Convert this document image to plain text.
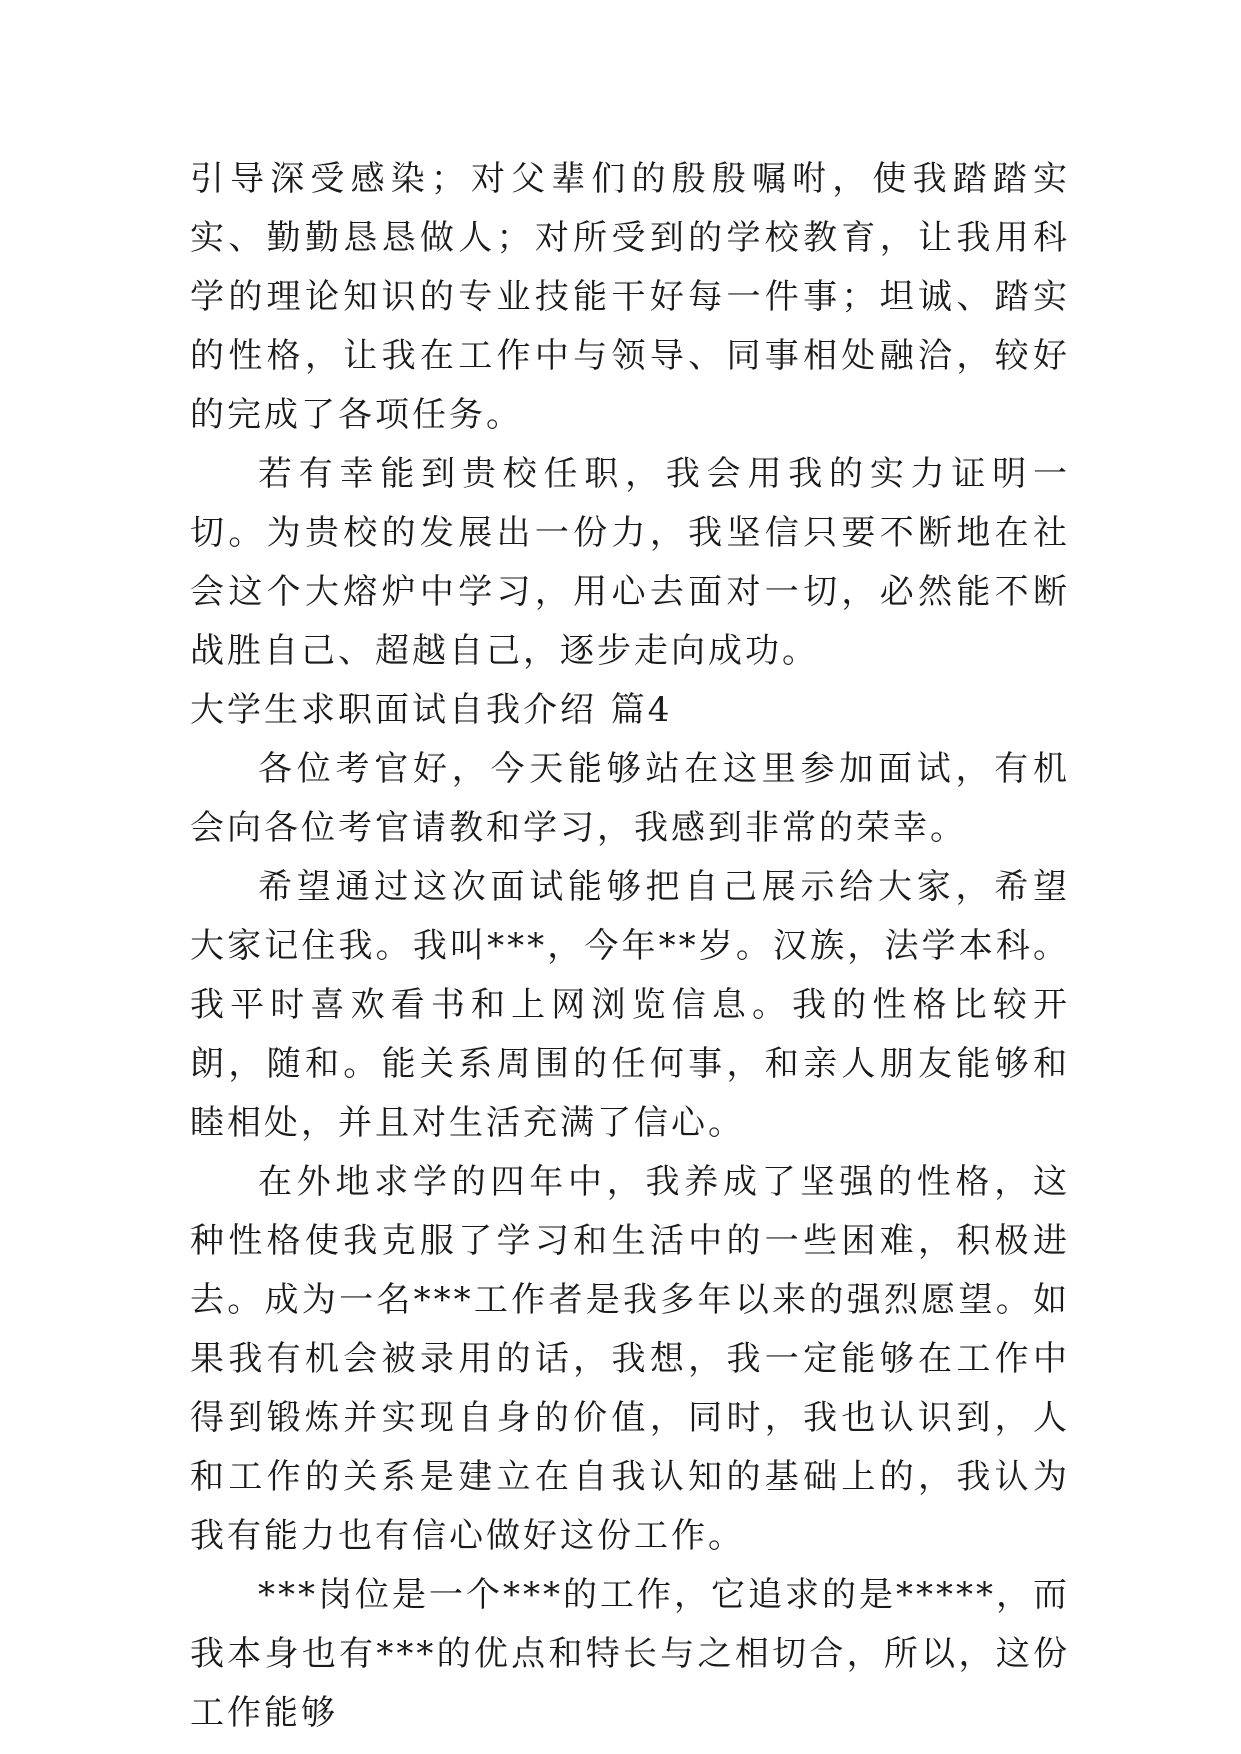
引导深受感染；对父辈们的殷殷嘱咐，使我踏踏实实、勤勤恳恳做人；对所受到的学校教育，让我用科学的理论知识的专业技能干好每一件事；坦诚、踏实的性格，让我在工作中与领导、同事相处融洽，较好的完成了各项任务。

若有幸能到贵校任职，我会用我的实力证明一切。为贵校的发展出一份力，我坚信只要不断地在社会这个大熔炉中学习，用心去面对一切，必然能不断战胜自己、超越自己，逐步走向成功。

大学生求职面试自我介绍 篇4

各位考官好，今天能够站在这里参加面试，有机会向各位考官请教和学习，我感到非常的荣幸。

希望通过这次面试能够把自己展示给大家，希望大家记住我。我叫***，今年**岁。汉族，法学本科。我平时喜欢看书和上网浏览信息。我的性格比较开朗，随和。能关系周围的任何事，和亲人朋友能够和睦相处，并且对生活充满了信心。

在外地求学的四年中，我养成了坚强的性格，这种性格使我克服了学习和生活中的一些困难，积极进去。成为一名***工作者是我多年以来的强烈愿望。如果我有机会被录用的话，我想，我一定能够在工作中得到锻炼并实现自身的价值，同时，我也认识到，人和工作的关系是建立在自我认知的基础上的，我认为我有能力也有信心做好这份工作。

***岗位是一个***的工作，它追求的是*****，而我本身也有***的优点和特长与之相切合，所以，这份工作能够
